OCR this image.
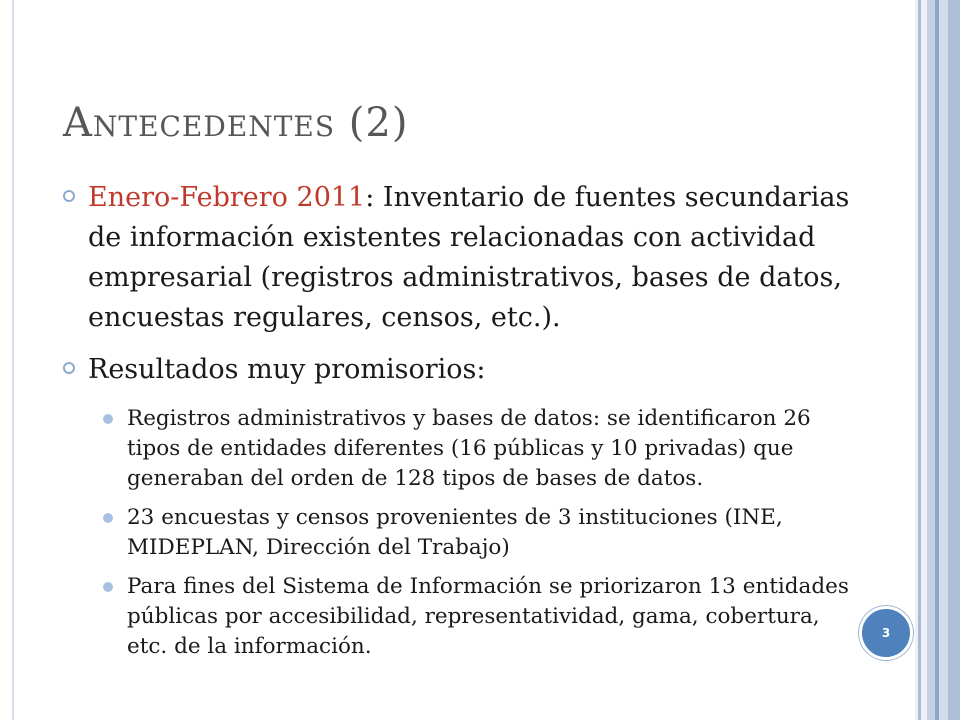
Antecedentes (2)
Enero-Febrero 2011: Inventario de fuentes secundarias de información existentes relacionadas con actividad empresarial (registros administrativos, bases de datos, encuestas regulares, censos, etc.).
Resultados muy promisorios:
Registros administrativos y bases de datos: se identificaron 26 tipos de entidades diferentes (16 públicas y 10 privadas) que generaban del orden de 128 tipos de bases de datos.
23 encuestas y censos provenientes de 3 instituciones (INE, MIDEPLAN, Dirección del Trabajo)
Para fines del Sistema de Información se priorizaron 13 entidades públicas por accesibilidad, representatividad, gama, cobertura, etc. de la información.
3
